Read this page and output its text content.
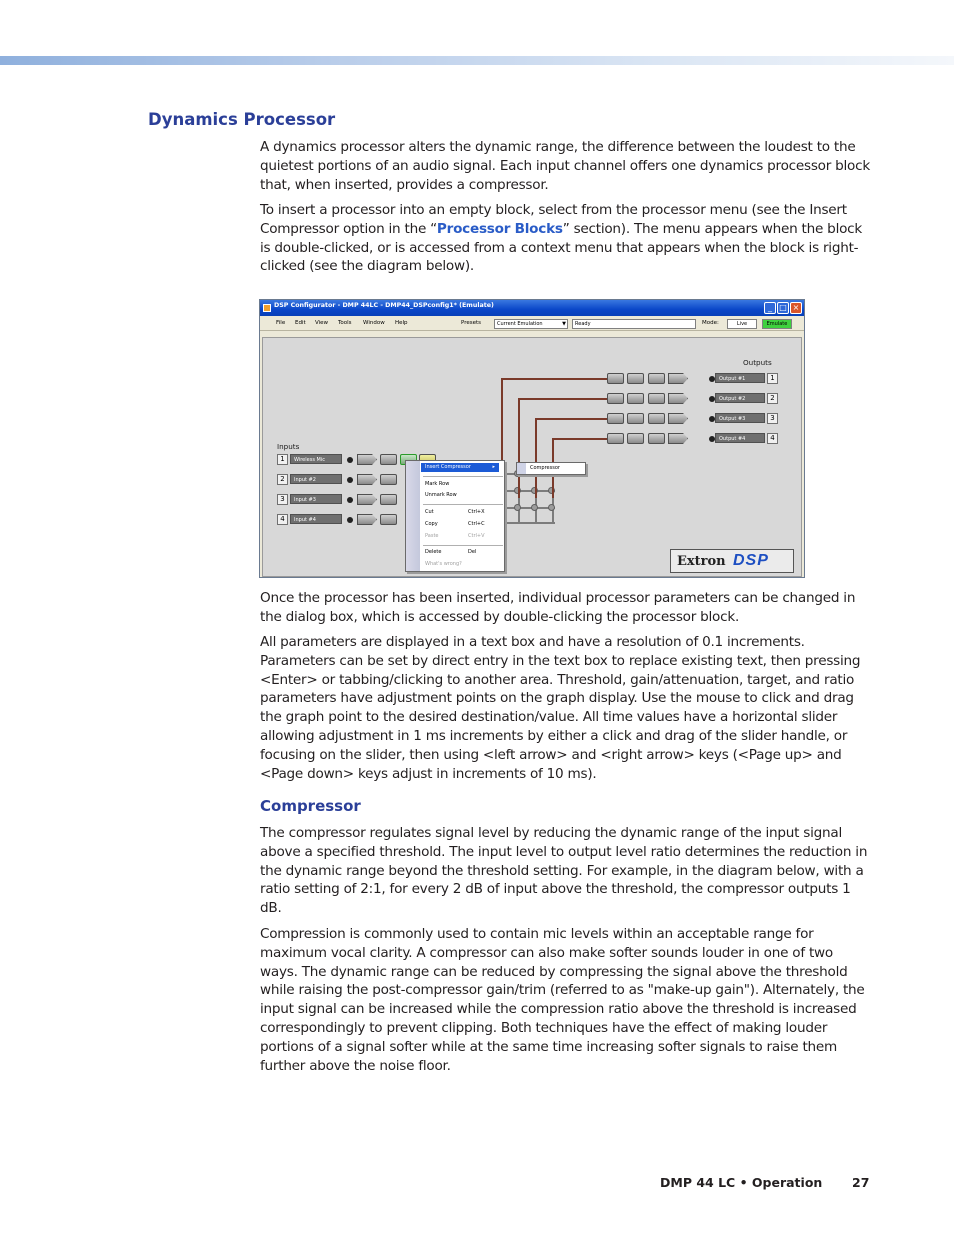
Dynamics Processor

A dynamics processor alters the dynamic range, the difference between the loudest to the quietest portions of an audio signal. Each input channel offers one dynamics processor block that, when inserted, provides a compressor.

To insert a processor into an empty block, select from the processor menu (see the Insert Compressor option in the “Processor Blocks” section). The menu appears when the block is double-clicked, or is accessed from a context menu that appears when the block is right-clicked (see the diagram below).

DSP Configurator - DMP 44LC - DMP44_DSPconfig1* (Emulate)	_ □ ×
File Edit View Tools Window Help	Presets	Current Emulation	▼	Ready	Mode:	Live	Emulate
Outputs
Inputs
Output #1	1
Output #2	2
Output #3	3
Output #4	4
1	Wireless Mic
2	Input #2
3	Input #3
4	Input #4
Extron DSP
Insert Compressor	▸
Mark Row
Unmark Row
Cut	Ctrl+X
Copy	Ctrl+C
Paste	Ctrl+V
Delete	Del
What's wrong?
Compressor

Once the processor has been inserted, individual processor parameters can be changed in the dialog box, which is accessed by double-clicking the processor block.

All parameters are displayed in a text box and have a resolution of 0.1 increments. Parameters can be set by direct entry in the text box to replace existing text, then pressing <Enter> or tabbing/clicking to another area. Threshold, gain/attenuation, target, and ratio parameters have adjustment points on the graph display. Use the mouse to click and drag the graph point to the desired destination/value. All time values have a horizontal slider allowing adjustment in 1 ms increments by either a click and drag of the slider handle, or focusing on the slider, then using <left arrow> and <right arrow> keys (<Page up> and <Page down> keys adjust in increments of 10 ms).

Compressor

The compressor regulates signal level by reducing the dynamic range of the input signal above a specified threshold. The input level to output level ratio determines the reduction in the dynamic range beyond the threshold setting. For example, in the diagram below, with a ratio setting of 2:1, for every 2 dB of input above the threshold, the compressor outputs 1 dB.

Compression is commonly used to contain mic levels within an acceptable range for maximum vocal clarity. A compressor can also make softer sounds louder in one of two ways. The dynamic range can be reduced by compressing the signal above the threshold while raising the post-compressor gain/trim (referred to as "make-up gain"). Alternately, the input signal can be increased while the compression ratio above the threshold is increased correspondingly to prevent clipping. Both techniques have the effect of making louder portions of a signal softer while at the same time increasing softer signals to raise them further above the noise floor.

DMP 44 LC • Operation 27
